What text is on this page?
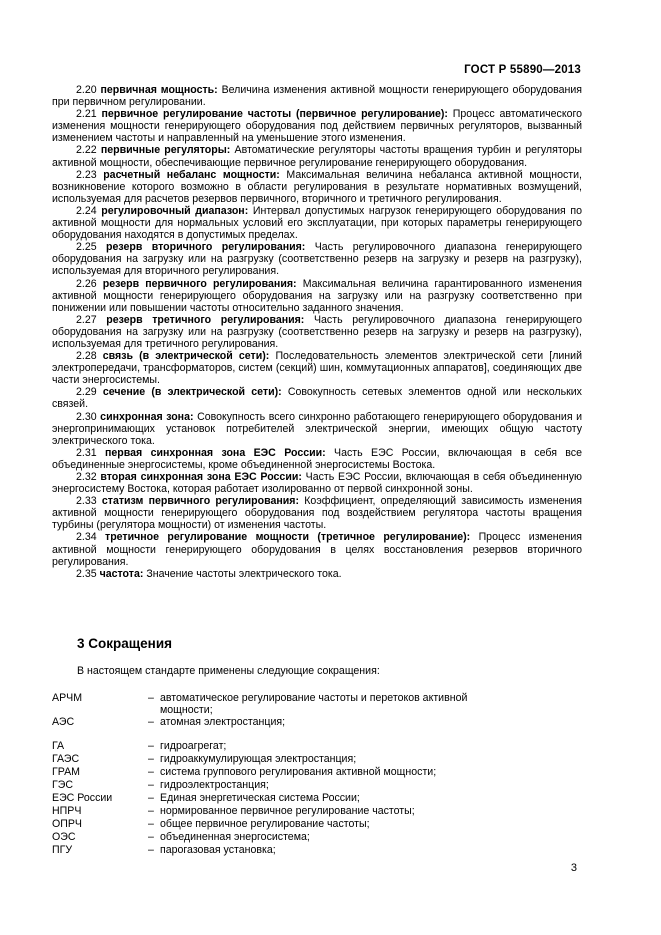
ГОСТ Р 55890—2013

2.20 первичная мощность: Величина изменения активной мощности генерирующего оборудования при первичном регулировании.

2.21 первичное регулирование частоты (первичное регулирование): Процесс автоматического изменения мощности генерирующего оборудования под действием первичных регуляторов, вызванный изменением частоты и направленный на уменьшение этого изменения.

2.22 первичные регуляторы: Автоматические регуляторы частоты вращения турбин и регуляторы активной мощности, обеспечивающие первичное регулирование генерирующего оборудования.

2.23 расчетный небаланс мощности: Максимальная величина небаланса активной мощности, возникновение которого возможно в области регулирования в результате нормативных возмущений, используемая для расчетов резервов первичного, вторичного и третичного регулирования.

2.24 регулировочный диапазон: Интервал допустимых нагрузок генерирующего оборудования по активной мощности для нормальных условий его эксплуатации, при которых параметры генерирующего оборудования находятся в допустимых пределах.

2.25 резерв вторичного регулирования: Часть регулировочного диапазона генерирующего оборудования на загрузку или на разгрузку (соответственно резерв на загрузку и резерв на разгрузку), используемая для вторичного регулирования.

2.26 резерв первичного регулирования: Максимальная величина гарантированного изменения активной мощности генерирующего оборудования на загрузку или на разгрузку соответственно при понижении или повышении частоты относительно заданного значения.

2.27 резерв третичного регулирования: Часть регулировочного диапазона генерирующего оборудования на загрузку или на разгрузку (соответственно резерв на загрузку и резерв на разгрузку), используемая для третичного регулирования.

2.28 связь (в электрической сети): Последовательность элементов электрической сети [линий электропередачи, трансформаторов, систем (секций) шин, коммутационных аппаратов], соединяющих две части энергосистемы.

2.29 сечение (в электрической сети): Совокупность сетевых элементов одной или нескольких связей.

2.30 синхронная зона: Совокупность всего синхронно работающего генерирующего оборудования и энергопринимающих установок потребителей электрической энергии, имеющих общую частоту электрического тока.

2.31 первая синхронная зона ЕЭС России: Часть ЕЭС России, включающая в себя все объединенные энергосистемы, кроме объединенной энергосистемы Востока.

2.32 вторая синхронная зона ЕЭС России: Часть ЕЭС России, включающая в себя объединенную энергосистему Востока, которая работает изолированно от первой синхронной зоны.

2.33 статизм первичного регулирования: Коэффициент, определяющий зависимость изменения активной мощности генерирующего оборудования под воздействием регулятора частоты вращения турбины (регулятора мощности) от изменения частоты.

2.34 третичное регулирование мощности (третичное регулирование): Процесс изменения активной мощности генерирующего оборудования в целях восстановления резервов вторичного регулирования.

2.35 частота: Значение частоты электрического тока.

3 Сокращения
В настоящем стандарте применены следующие сокращения:
АРЧМ	– автоматическое регулирование частоты и перетоков активной мощности;
АЭС	– атомная электростанция;
ГА	– гидроагрегат;
ГАЭС	– гидроаккумулирующая электростанция;
ГРАМ	– система группового регулирования активной мощности;
ГЭС	– гидроэлектростанция;
ЕЭС России	– Единая энергетическая система России;
НПРЧ	– нормированное первичное регулирование частоты;
ОПРЧ	– общее первичное регулирование частоты;
ОЭС	– объединенная энергосистема;
ПГУ	– парогазовая установка;
3
